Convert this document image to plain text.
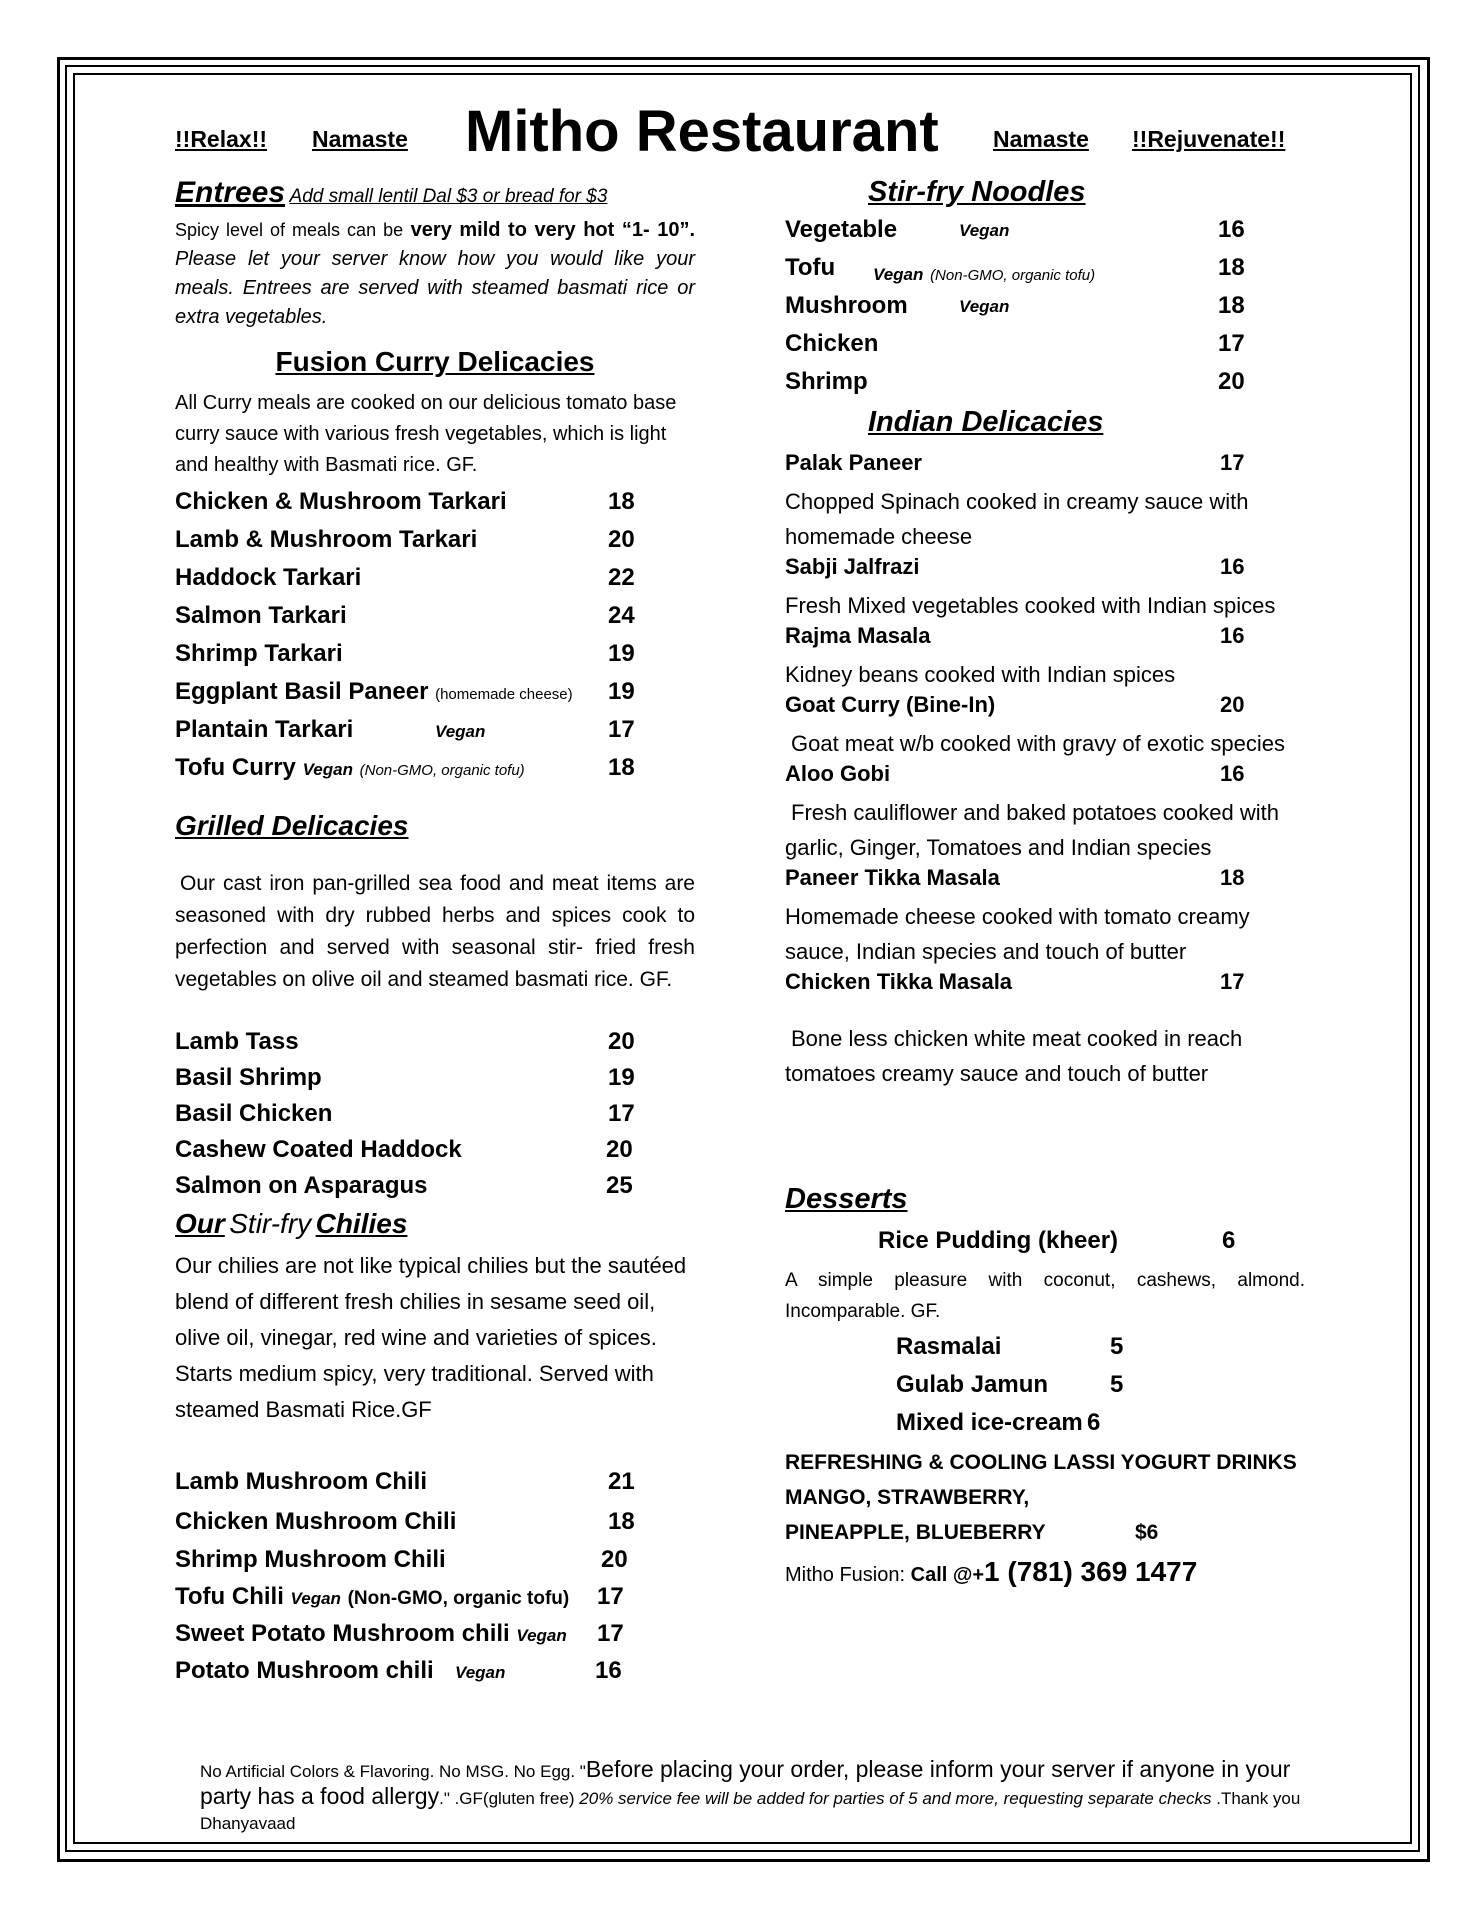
!!Relax!! Namaste Mitho Restaurant Namaste !!Rejuvenate!!
Entrees Add small lentil Dal $3 or bread for $3
Spicy level of meals can be very mild to very hot “1- 10”. Please let your server know how you would like your meals. Entrees are served with steamed basmati rice or extra vegetables.
Fusion Curry Delicacies
All Curry meals are cooked on our delicious tomato base curry sauce with various fresh vegetables, which is light and healthy with Basmati rice. GF.
Chicken & Mushroom Tarkari	18
Lamb & Mushroom Tarkari	20
Haddock Tarkari	22
Salmon Tarkari	24
Shrimp Tarkari	19
Eggplant Basil Paneer (homemade cheese) 19
Plantain Tarkari	Vegan	17
Tofu Curry Vegan (Non-GMO, organic tofu)	18
Grilled Delicacies
Our cast iron pan-grilled sea food and meat items are seasoned with dry rubbed herbs and spices cook to perfection and served with seasonal stir- fried fresh vegetables on olive oil and steamed basmati rice. GF.
Lamb Tass	20
Basil Shrimp	19
Basil Chicken	17
Cashew Coated Haddock	20
Salmon on Asparagus	25
Our Stir-fry Chilies
Our chilies are not like typical chilies but the sautéed blend of different fresh chilies in sesame seed oil, olive oil, vinegar, red wine and varieties of spices. Starts medium spicy, very traditional. Served with steamed Basmati Rice.GF
Lamb Mushroom Chili	21
Chicken Mushroom Chili	18
Shrimp Mushroom Chili	20
Tofu Chili Vegan (Non-GMO, organic tofu) 17
Sweet Potato Mushroom chili Vegan 17
Potato Mushroom chili Vegan	16
Stir-fry Noodles
Vegetable	Vegan	16
Tofu Vegan (Non-GMO, organic tofu)	18
Mushroom	Vegan	18
Chicken	17
Shrimp	20
Indian Delicacies
Palak Paneer	17
Chopped Spinach cooked in creamy sauce with homemade cheese
Sabji Jalfrazi	16
Fresh Mixed vegetables cooked with Indian spices
Rajma Masala	16
Kidney beans cooked with Indian spices
Goat Curry (Bine-In)	20
Goat meat w/b cooked with gravy of exotic species
Aloo Gobi	16
Fresh cauliflower and baked potatoes cooked with garlic, Ginger, Tomatoes and Indian species
Paneer Tikka Masala	18
Homemade cheese cooked with tomato creamy sauce, Indian species and touch of butter
Chicken Tikka Masala	17
Bone less chicken white meat cooked in reach tomatoes creamy sauce and touch of butter
Desserts
Rice Pudding (kheer)	6
A simple pleasure with coconut, cashews, almond. Incomparable. GF.
Rasmalai	5
Gulab Jamun	5
Mixed ice-cream 6
REFRESHING & COOLING LASSI YOGURT DRINKS
MANGO, STRAWBERRY,
PINEAPPLE, BLUEBERRY	$6
Mitho Fusion: Call @+1 (781) 369 1477
No Artificial Colors & Flavoring. No MSG. No Egg. "Before placing your order, please inform your server if anyone in your party has a food allergy." .GF(gluten free) 20% service fee will be added for parties of 5 and more, requesting separate checks .Thank you Dhanyavaad
